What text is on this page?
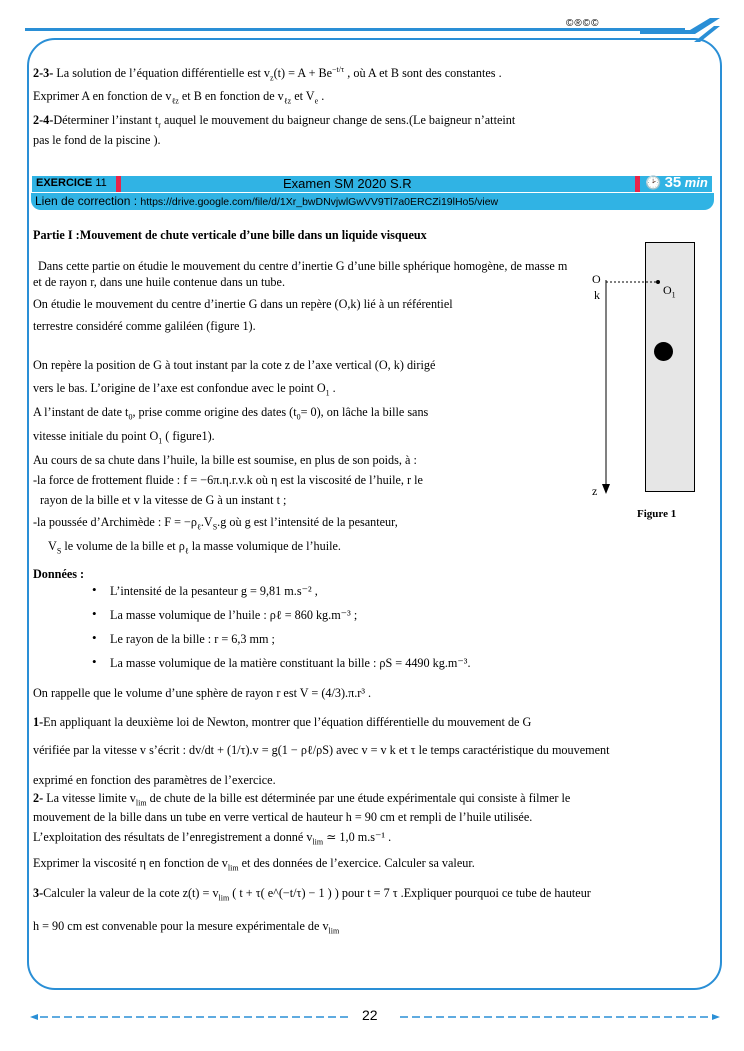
©®©©
2-3- La solution de l’équation différentielle est $v_z(t) = A + Be^{-t/\tau}$ , où A et B sont des constantes .
Exprimer A en fonction de $v_{\ell z}$ et B en fonction de $v_{\ell z}$ et $V_e$ .
2-4-Déterminer l’instant $t_r$ auquel le mouvement du baigneur change de sens.(Le baigneur n’atteint
pas le fond de la piscine ).
EXERCICE 11	Examen SM 2020 S.R	🕑 35 min
Lien de correction : https://drive.google.com/file/d/1Xr_bwDNvjwlGwVV9Tl7a0ERCZi19lHo5/view
Partie I :Mouvement de chute verticale d’une bille dans un liquide visqueux
Dans cette partie on étudie le mouvement du centre d’inertie G d’une bille sphérique homogène, de masse m
et de rayon r, dans une huile contenue dans un tube.
On étudie le mouvement du centre d’inertie G dans un repère (O,k) lié à un référentiel
terrestre considéré comme galiléen (figure 1).
On repère la position de G à tout instant par la cote z de l’axe vertical (O, k) dirigé
vers le bas. L’origine de l’axe est confondue avec le point $O_1$ .
A l’instant de date $t_0$, prise comme origine des dates $(t_0= 0)$, on lâche la bille sans
vitesse initiale du point $O_1$ ( figure1).
Au cours de sa chute dans l’huile, la bille est soumise, en plus de son poids, à :
-la force de frottement fluide : f = −6π.η.r.v.k où η est la viscosité de l’huile, r le
rayon de la bille et v la vitesse de G à un instant t ;
-la poussée d’Archimède : $F = -\rho_\ell.V_S.g$ où g est l’intensité de la pesanteur,
$V_S$ le volume de la bille et $\rho_\ell$ la masse volumique de l’huile.
O
k	$O_1$
z
Figure 1
Données :
• L’intensité de la pesanteur g = 9,81 m.s⁻² ,
• La masse volumique de l’huile : ρℓ = 860 kg.m⁻³ ;
• Le rayon de la bille : r = 6,3 mm ;
• La masse volumique de la matière constituant la bille : ρS = 4490 kg.m⁻³.
On rappelle que le volume d’une sphère de rayon r est V = (4/3).π.r³ .
1-En appliquant la deuxième loi de Newton, montrer que l’équation différentielle du mouvement de G
vérifiée par la vitesse v s’écrit : dv/dt + (1/τ).v = g(1 − ρℓ/ρS) avec v = v k et τ le temps caractéristique du mouvement
exprimé en fonction des paramètres de l’exercice.
2- La vitesse limite $v_{lim}$ de chute de la bille est déterminée par une étude expérimentale qui consiste à filmer le
mouvement de la bille dans un tube en verre vertical de hauteur h = 90 cm et rempli de l’huile utilisée.
L’exploitation des résultats de l’enregistrement a donné $v_{lim}$ ≃ 1,0 m.s⁻¹ .
Exprimer la viscosité η en fonction de $v_{lim}$ et des données de l’exercice. Calculer sa valeur.
3-Calculer la valeur de la cote $z(t) = v_{lim}$ ( t + τ( e^(−t/τ) − 1 ) ) pour t = 7 τ .Expliquer pourquoi ce tube de hauteur
h = 90 cm est convenable pour la mesure expérimentale de $v_{lim}$
22
